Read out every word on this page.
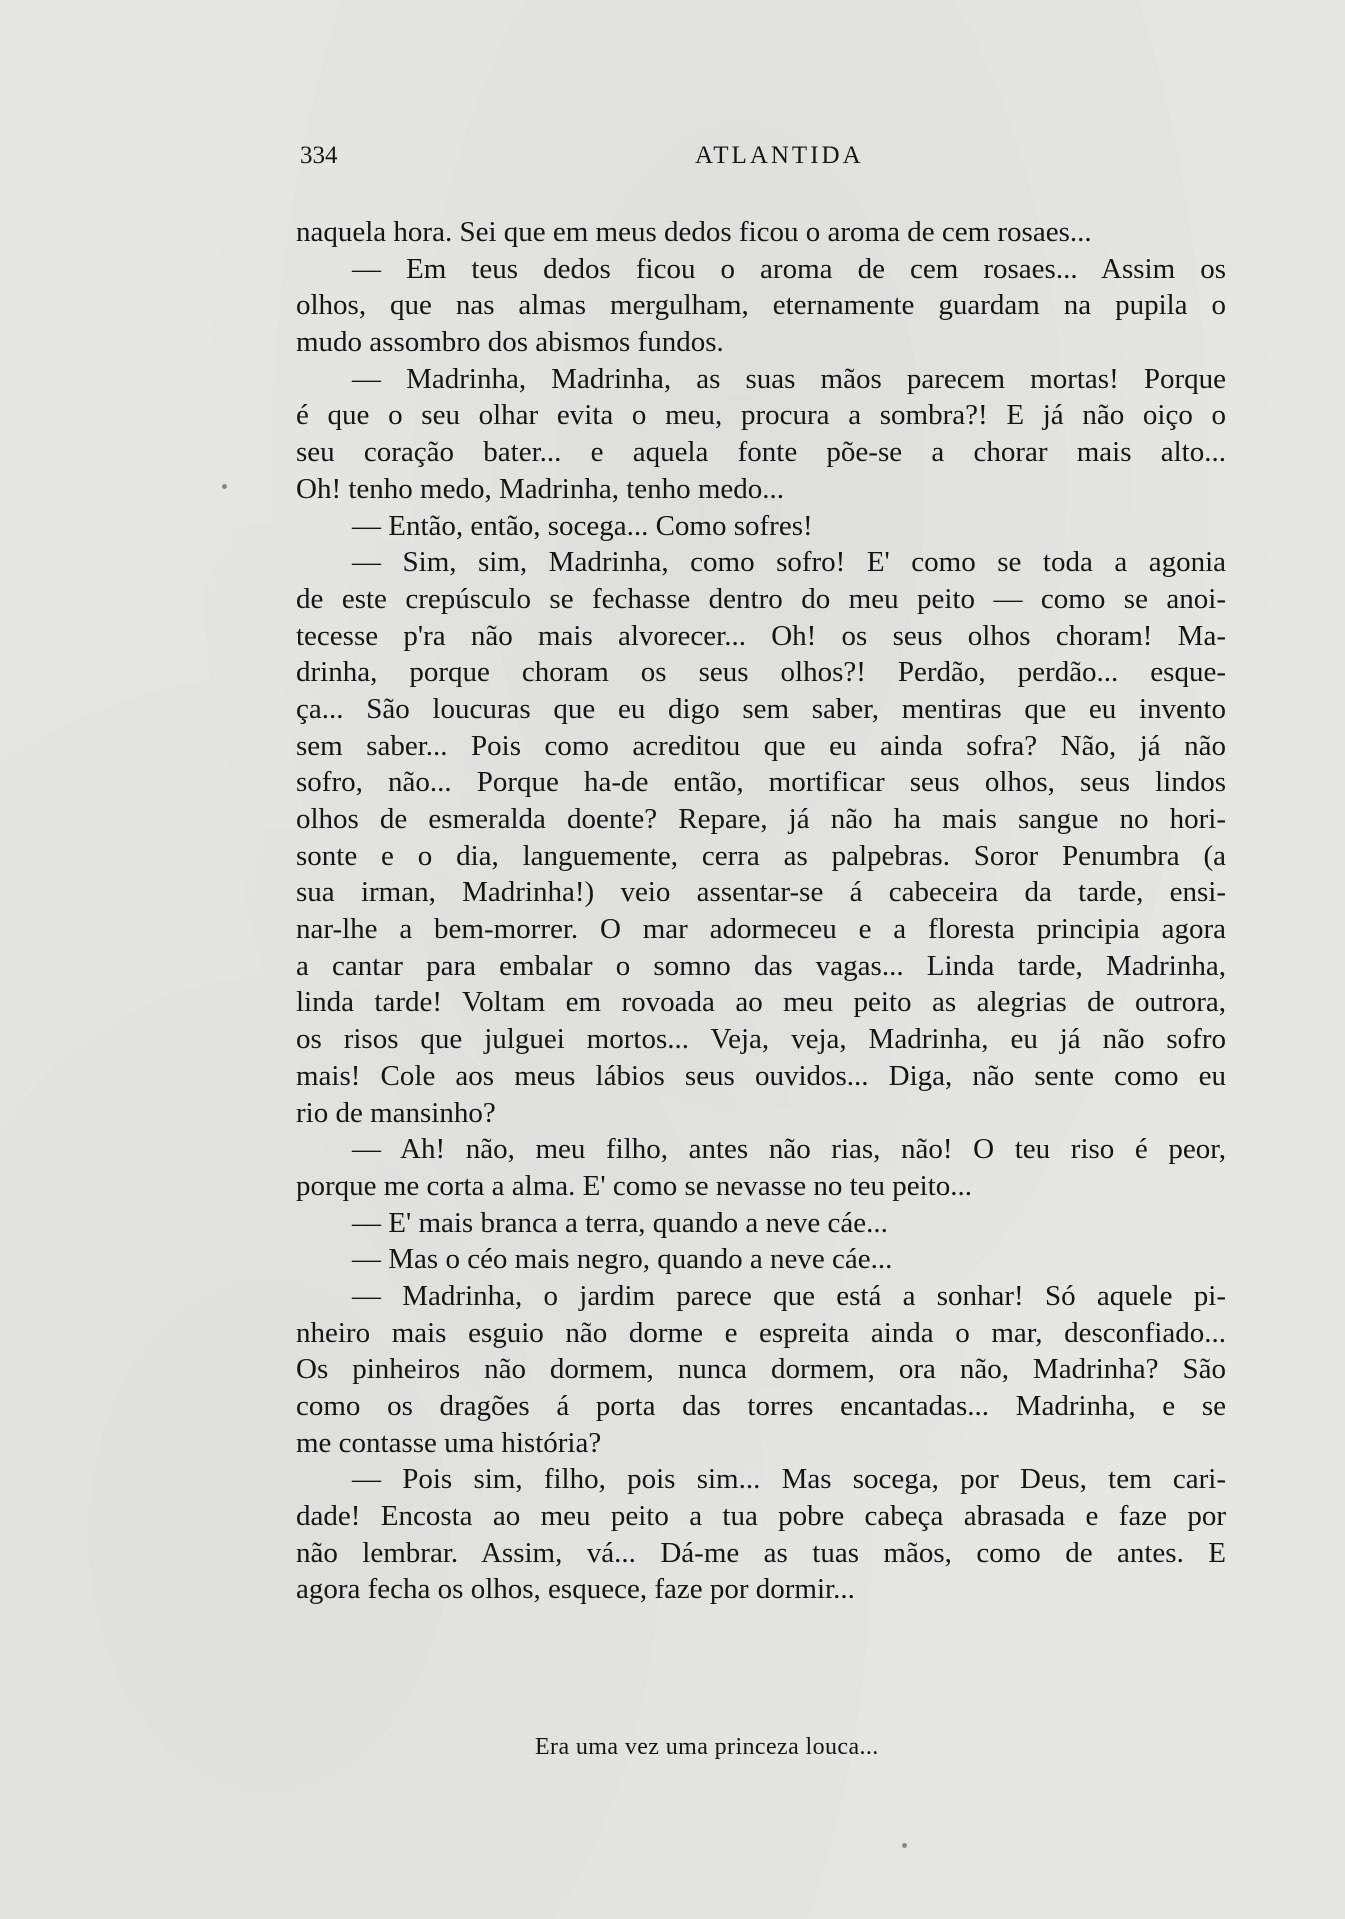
334	ATLANTIDA
naquela hora. Sei que em meus dedos ficou o aroma de cem rosaes...
— Em teus dedos ficou o aroma de cem rosaes... Assim os
olhos, que nas almas mergulham, eternamente guardam na pupila o
mudo assombro dos abismos fundos.
— Madrinha, Madrinha, as suas mãos parecem mortas! Porque
é que o seu olhar evita o meu, procura a sombra?! E já não oiço o
seu coração bater... e aquela fonte põe-se a chorar mais alto...
Oh! tenho medo, Madrinha, tenho medo...
— Então, então, socega... Como sofres!
— Sim, sim, Madrinha, como sofro! E' como se toda a agonia
de este crepúsculo se fechasse dentro do meu peito — como se anoi-
tecesse p'ra não mais alvorecer... Oh! os seus olhos choram! Ma-
drinha, porque choram os seus olhos?! Perdão, perdão... esque-
ça... São loucuras que eu digo sem saber, mentiras que eu invento
sem saber... Pois como acreditou que eu ainda sofra? Não, já não
sofro, não... Porque ha-de então, mortificar seus olhos, seus lindos
olhos de esmeralda doente? Repare, já não ha mais sangue no hori-
sonte e o dia, languemente, cerra as palpebras. Soror Penumbra (a
sua irman, Madrinha!) veio assentar-se á cabeceira da tarde, ensi-
nar-lhe a bem-morrer. O mar adormeceu e a floresta principia agora
a cantar para embalar o somno das vagas... Linda tarde, Madrinha,
linda tarde! Voltam em rovoada ao meu peito as alegrias de outrora,
os risos que julguei mortos... Veja, veja, Madrinha, eu já não sofro
mais! Cole aos meus lábios seus ouvidos... Diga, não sente como eu
rio de mansinho?
— Ah! não, meu filho, antes não rias, não! O teu riso é peor,
porque me corta a alma. E' como se nevasse no teu peito...
— E' mais branca a terra, quando a neve cáe...
— Mas o céo mais negro, quando a neve cáe...
— Madrinha, o jardim parece que está a sonhar! Só aquele pi-
nheiro mais esguio não dorme e espreita ainda o mar, desconfiado...
Os pinheiros não dormem, nunca dormem, ora não, Madrinha? São
como os dragões á porta das torres encantadas... Madrinha, e se
me contasse uma história?
— Pois sim, filho, pois sim... Mas socega, por Deus, tem cari-
dade! Encosta ao meu peito a tua pobre cabeça abrasada e faze por
não lembrar. Assim, vá... Dá-me as tuas mãos, como de antes. E
agora fecha os olhos, esquece, faze por dormir...
Era uma vez uma princeza louca...
